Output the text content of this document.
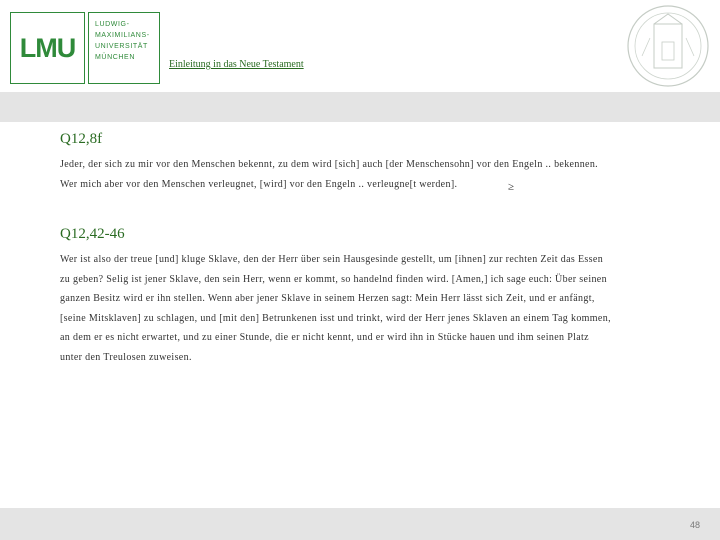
LMU
LUDWIG-
MAXIMILIANS-
UNIVERSITÄT
MÜNCHEN
Einleitung in das Neue Testament
Q12,8f
Jeder, der sich zu mir vor den Menschen bekennt, zu dem wird [sich] auch [der Menschensohn] vor den Engeln .. bekennen.
Wer mich aber vor den Menschen verleugnet, [wird] vor den Engeln .. verleugne[t werden].	≥
Q12,42-46
Wer ist also der treue [und] kluge Sklave, den der Herr über sein Hausgesinde gestellt, um [ihnen] zur rechten Zeit das Essen
zu geben? Selig ist jener Sklave, den sein Herr, wenn er kommt, so handelnd finden wird. [Amen,] ich sage euch: Über seinen
ganzen Besitz wird er ihn stellen. Wenn aber jener Sklave in seinem Herzen sagt: Mein Herr lässt sich Zeit, und er anfängt,
[seine Mitsklaven] zu schlagen, und [mit den] Betrunkenen isst und trinkt, wird der Herr jenes Sklaven an einem Tag kommen,
an dem er es nicht erwartet, und zu einer Stunde, die er nicht kennt, und er wird ihn in Stücke hauen und ihm seinen Platz
unter den Treulosen zuweisen.
48
